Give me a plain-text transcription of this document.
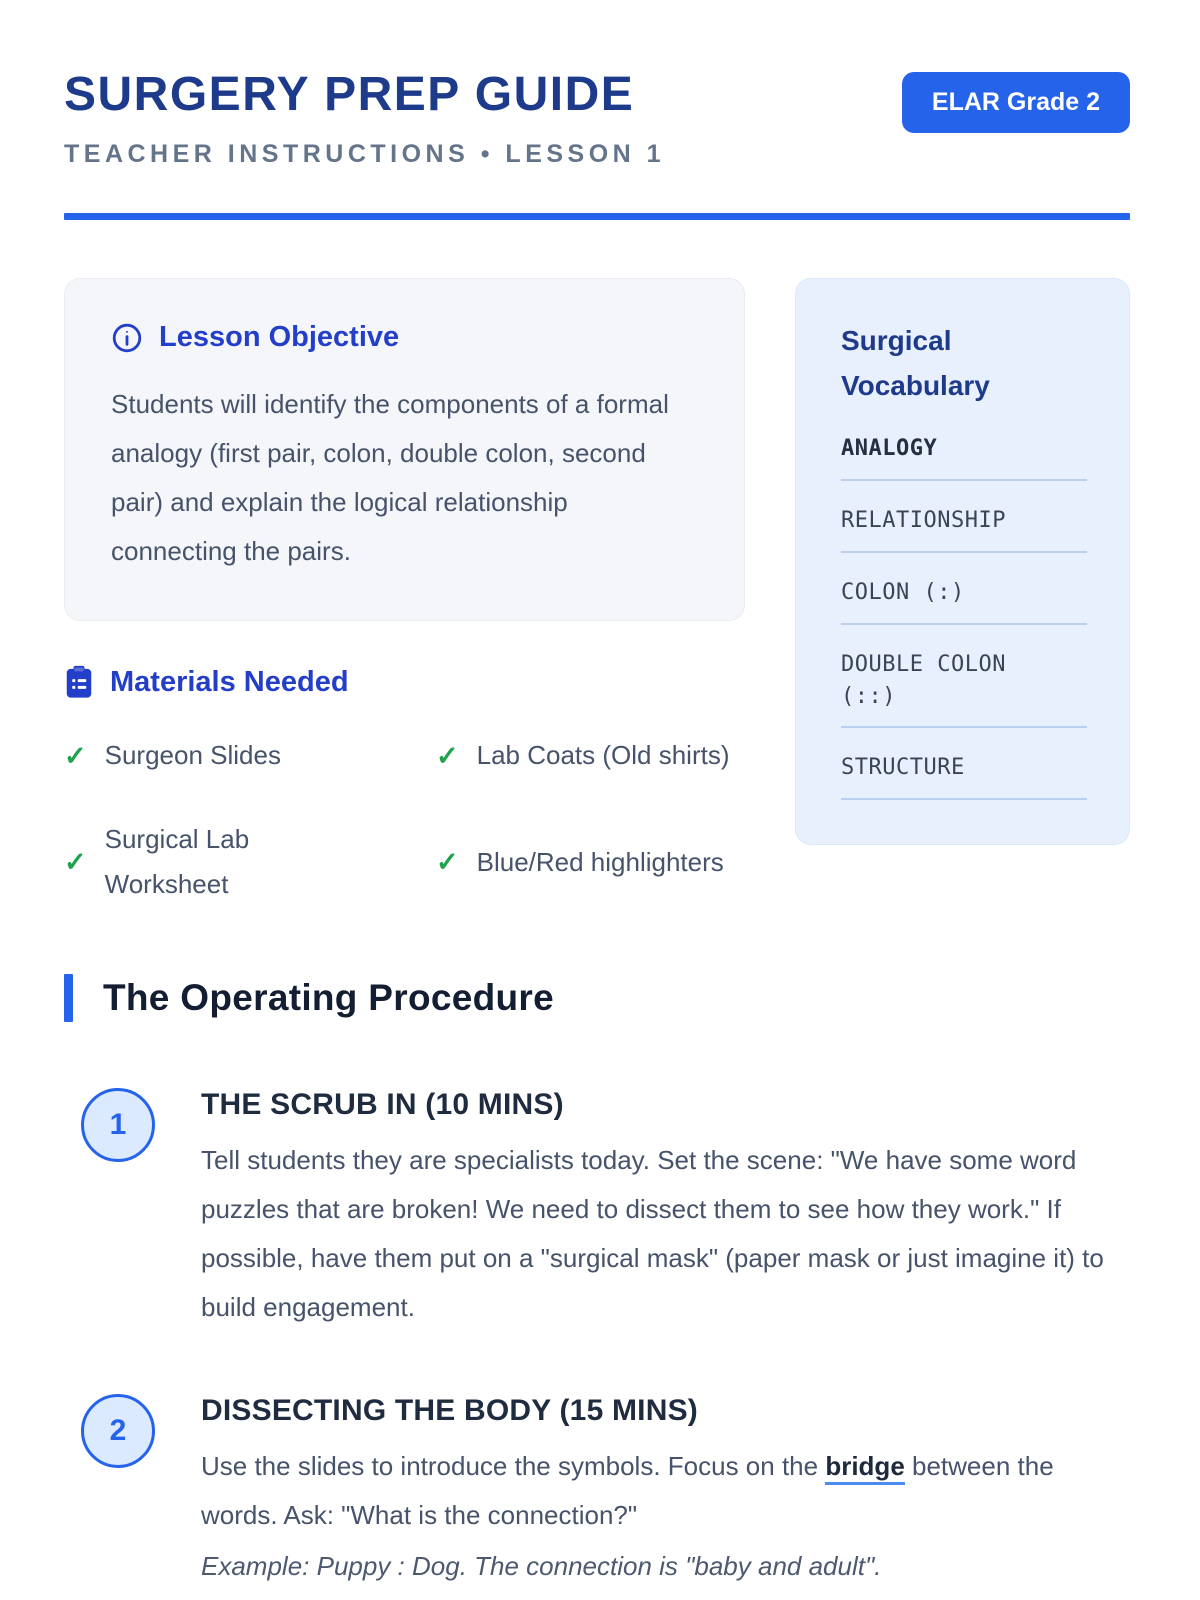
SURGERY PREP GUIDE
TEACHER INSTRUCTIONS • LESSON 1
ELAR Grade 2
Lesson Objective

Students will identify the components of a formal analogy (first pair, colon, double colon, second pair) and explain the logical relationship connecting the pairs.

Materials Needed
✓ Surgeon Slides	✓ Lab Coats (Old shirts)
✓
Surgical Lab Worksheet
✓ Blue/Red highlighters
Surgical Vocabulary
ANALOGY
RELATIONSHIP
COLON (:)
DOUBLE COLON (::)
STRUCTURE
The Operating Procedure
1
THE SCRUB IN (10 MINS)

Tell students they are specialists today. Set the scene: "We have some word puzzles that are broken! We need to dissect them to see how they work." If possible, have them put on a "surgical mask" (paper mask or just imagine it) to build engagement.

2
DISSECTING THE BODY (15 MINS)

Use the slides to introduce the symbols. Focus on the bridge between the words. Ask: "What is the connection?"

Example: Puppy : Dog. The connection is "baby and adult".
